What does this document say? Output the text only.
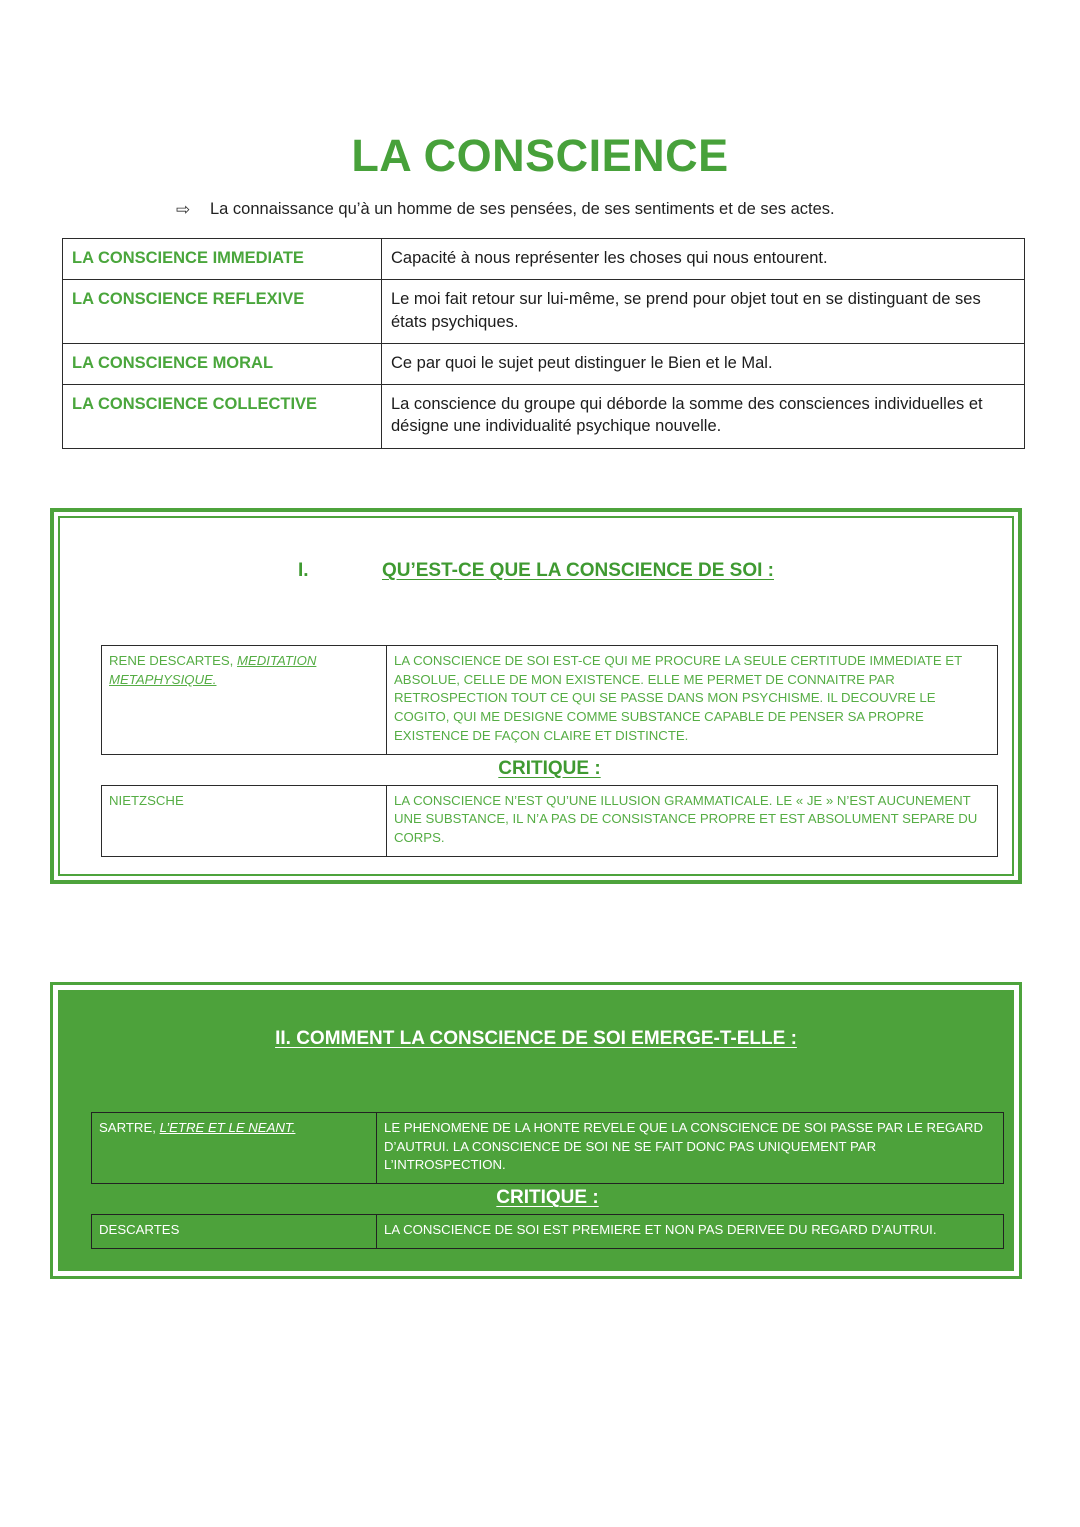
LA CONSCIENCE
⇨	La connaissance qu’à un homme de ses pensées, de ses sentiments et de ses actes.
LA CONSCIENCE IMMEDIATE	Capacité à nous représenter les choses qui nous entourent.
LA CONSCIENCE REFLEXIVE	Le moi fait retour sur lui-même, se prend pour objet tout en se distinguant de ses états psychiques.
LA CONSCIENCE MORAL	Ce par quoi le sujet peut distinguer le Bien et le Mal.
LA CONSCIENCE COLLECTIVE	La conscience du groupe qui déborde la somme des consciences individuelles et désigne une individualité psychique nouvelle.
I.	QU’EST-CE QUE LA CONSCIENCE DE SOI :
RENE DESCARTES, MEDITATION METAPHYSIQUE.	LA CONSCIENCE DE SOI EST-CE QUI ME PROCURE LA SEULE CERTITUDE IMMEDIATE ET ABSOLUE, CELLE DE MON EXISTENCE. ELLE ME PERMET DE CONNAITRE PAR RETROSPECTION TOUT CE QUI SE PASSE DANS MON PSYCHISME. IL DECOUVRE LE COGITO, QUI ME DESIGNE COMME SUBSTANCE CAPABLE DE PENSER SA PROPRE EXISTENCE DE FAÇON CLAIRE ET DISTINCTE.
CRITIQUE :
NIETZSCHE	LA CONSCIENCE N’EST QU’UNE ILLUSION GRAMMATICALE. LE « JE » N’EST AUCUNEMENT UNE SUBSTANCE, IL N’A PAS DE CONSISTANCE PROPRE ET EST ABSOLUMENT SEPARE DU CORPS.
II. COMMENT LA CONSCIENCE DE SOI EMERGE-T-ELLE :
SARTRE, L’ETRE ET LE NEANT.	LE PHENOMENE DE LA HONTE REVELE QUE LA CONSCIENCE DE SOI PASSE PAR LE REGARD D’AUTRUI. LA CONSCIENCE DE SOI NE SE FAIT DONC PAS UNIQUEMENT PAR L’INTROSPECTION.
CRITIQUE :
DESCARTES	LA CONSCIENCE DE SOI EST PREMIERE ET NON PAS DERIVEE DU REGARD D’AUTRUI.
